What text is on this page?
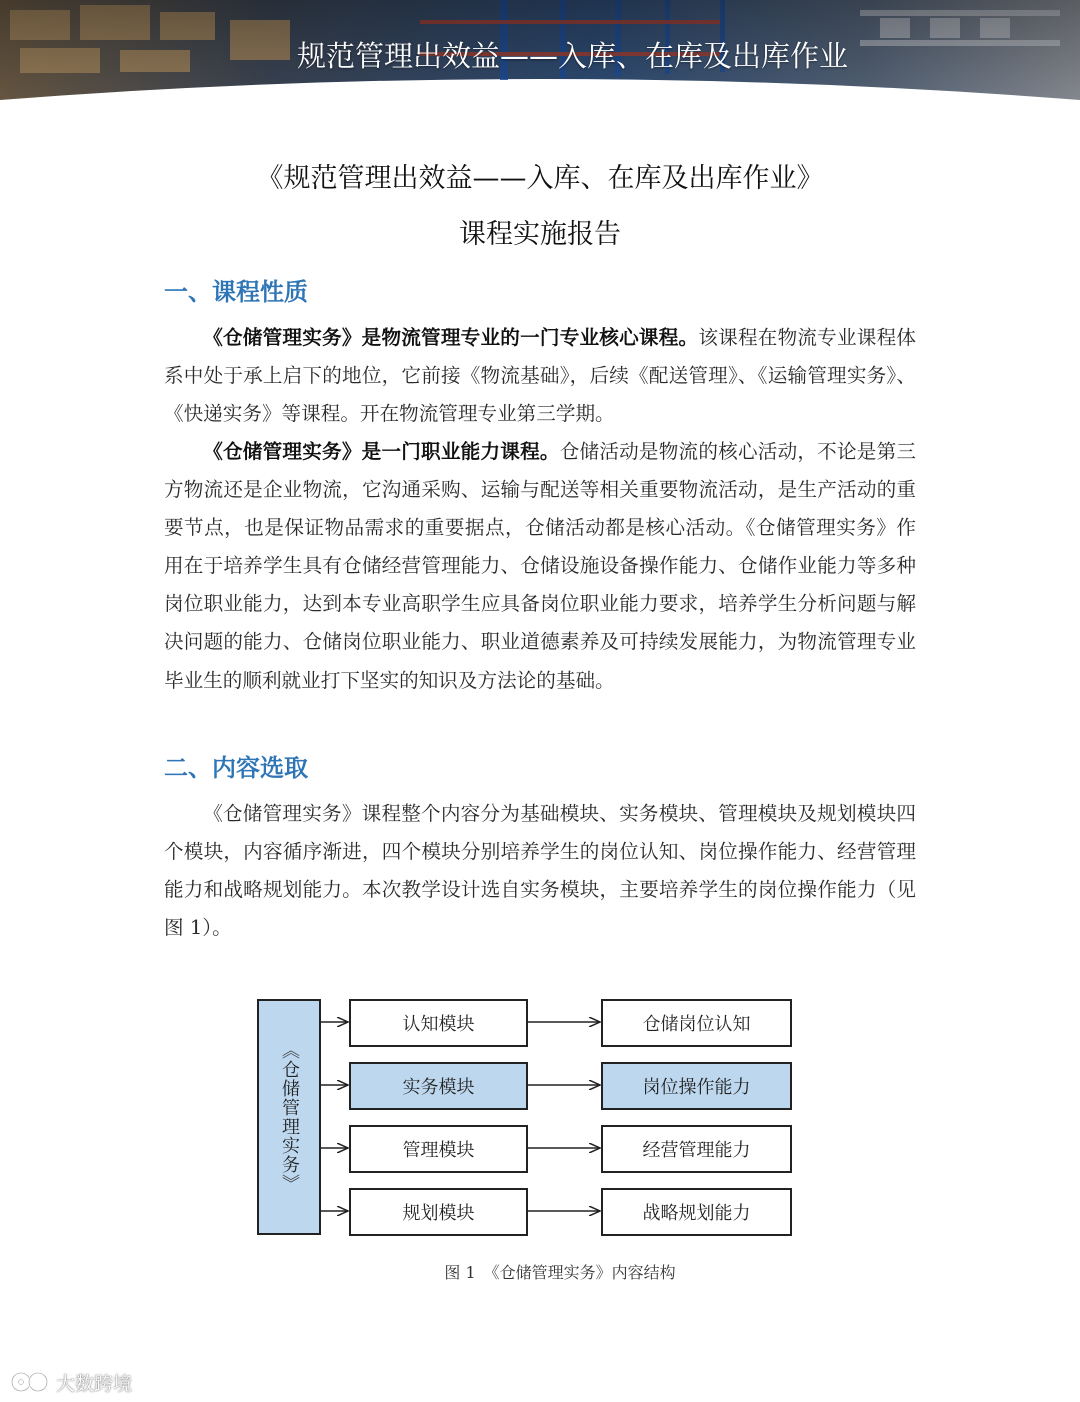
规范管理出效益——入库、在库及出库作业
《规范管理出效益——入库、在库及出库作业》
课程实施报告
一、课程性质

《仓储管理实务》是物流管理专业的一门专业核心课程。该课程在物流专业课程体系中处于承上启下的地位，它前接《物流基础》，后续《配送管理》、《运输管理实务》、《快递实务》等课程。开在物流管理专业第三学期。

《仓储管理实务》是一门职业能力课程。仓储活动是物流的核心活动，不论是第三方物流还是企业物流，它沟通采购、运输与配送等相关重要物流活动，是生产活动的重要节点，也是保证物品需求的重要据点，仓储活动都是核心活动。《仓储管理实务》作用在于培养学生具有仓储经营管理能力、仓储设施设备操作能力、仓储作业能力等多种岗位职业能力，达到本专业高职学生应具备岗位职业能力要求，培养学生分析问题与解决问题的能力、仓储岗位职业能力、职业道德素养及可持续发展能力，为物流管理专业毕业生的顺利就业打下坚实的知识及方法论的基础。

二、内容选取

《仓储管理实务》课程整个内容分为基础模块、实务模块、管理模块及规划模块四个模块，内容循序渐进，四个模块分别培养学生的岗位认知、岗位操作能力、经营管理能力和战略规划能力。本次教学设计选自实务模块，主要培养学生的岗位操作能力（见图 1）。

《仓储管理实务》
认知模块
实务模块
管理模块
规划模块
仓储岗位认知
岗位操作能力
经营管理能力
战略规划能力
图 1　《仓储管理实务》内容结构
大数跨境
